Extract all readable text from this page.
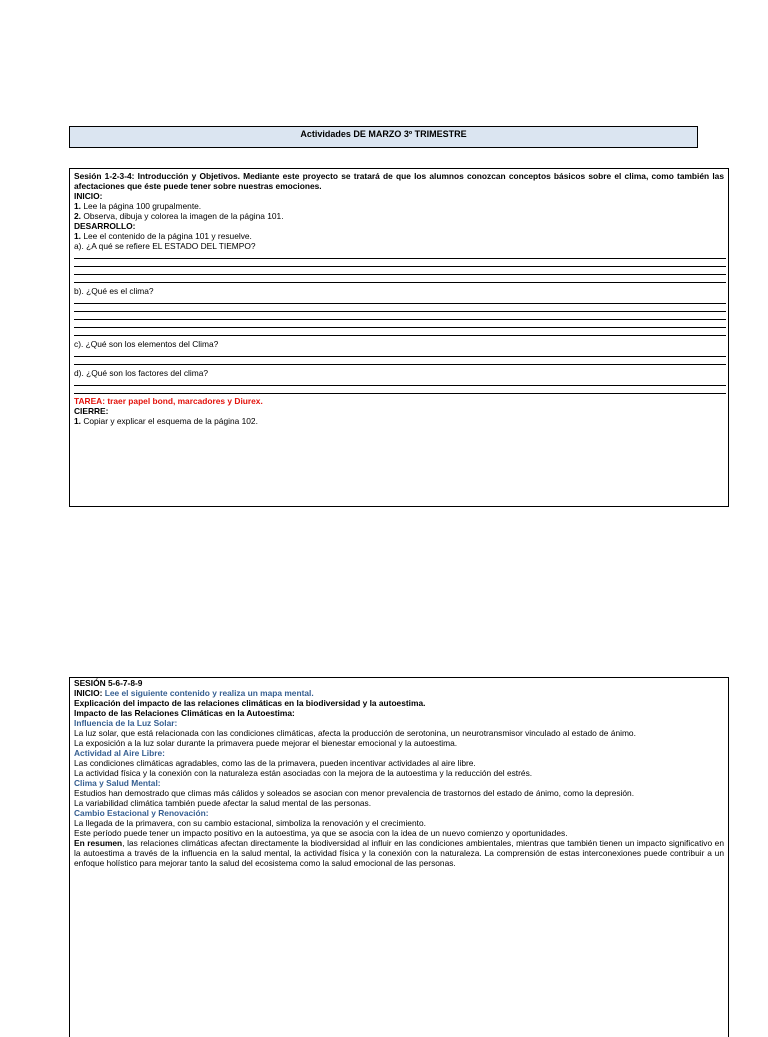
Actividades DE MARZO 3º TRIMESTRE

Sesión 1-2-3-4: Introducción y Objetivos. Mediante este proyecto se tratará de que los alumnos conozcan conceptos básicos sobre el clima, como también las afectaciones que éste puede tener sobre nuestras emociones.

INICIO:

1. Lee la página 100 grupalmente.

2. Observa, dibuja y colorea la imagen de la página 101.

DESARROLLO:

1. Lee el contenido de la página 101 y resuelve.

a). ¿A qué se refiere EL ESTADO DEL TIEMPO?

b). ¿Qué es el clima?

c). ¿Qué son los elementos del Clima?

d). ¿Qué son los factores del clima?

TAREA: traer papel bond, marcadores y Diurex.

CIERRE:

1. Copiar y explicar el esquema de la página 102.

SESIÓN 5-6-7-8-9

INICIO: Lee el siguiente contenido y realiza un mapa mental.

Explicación del impacto de las relaciones climáticas en la biodiversidad y la autoestima.

Impacto de las Relaciones Climáticas en la Autoestima:

Influencia de la Luz Solar:

La luz solar, que está relacionada con las condiciones climáticas, afecta la producción de serotonina, un neurotransmisor vinculado al estado de ánimo.

La exposición a la luz solar durante la primavera puede mejorar el bienestar emocional y la autoestima.

Actividad al Aire Libre:

Las condiciones climáticas agradables, como las de la primavera, pueden incentivar actividades al aire libre.

La actividad física y la conexión con la naturaleza están asociadas con la mejora de la autoestima y la reducción del estrés.

Clima y Salud Mental:

Estudios han demostrado que climas más cálidos y soleados se asocian con menor prevalencia de trastornos del estado de ánimo, como la depresión.

La variabilidad climática también puede afectar la salud mental de las personas.

Cambio Estacional y Renovación:

La llegada de la primavera, con su cambio estacional, simboliza la renovación y el crecimiento.

Este período puede tener un impacto positivo en la autoestima, ya que se asocia con la idea de un nuevo comienzo y oportunidades.

En resumen, las relaciones climáticas afectan directamente la biodiversidad al influir en las condiciones ambientales, mientras que también tienen un impacto significativo en la autoestima a través de la influencia en la salud mental, la actividad física y la conexión con la naturaleza. La comprensión de estas interconexiones puede contribuir a un enfoque holístico para mejorar tanto la salud del ecosistema como la salud emocional de las personas.
